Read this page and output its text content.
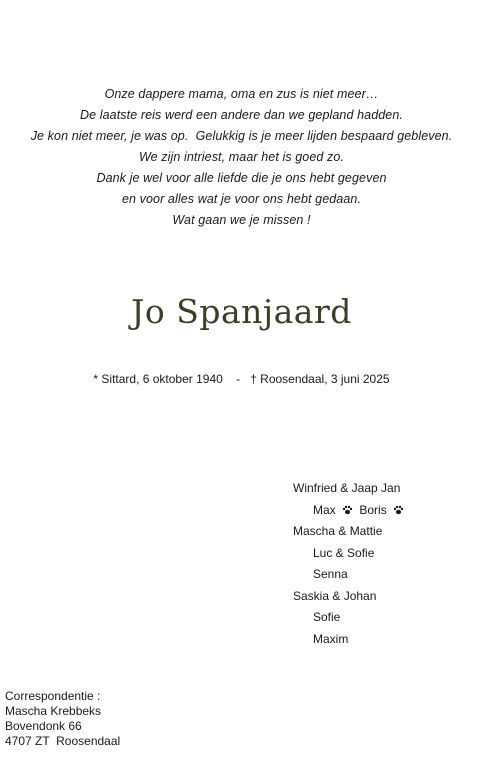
Onze dappere mama, oma en zus is niet meer…
De laatste reis werd een andere dan we gepland hadden.
Je kon niet meer, je was op.  Gelukkig is je meer lijden bespaard gebleven.
We zijn intriest, maar het is goed zo.
Dank je wel voor alle liefde die je ons hebt gegeven
en voor alles wat je voor ons hebt gedaan.
Wat gaan we je missen !
Jo Spanjaard
* Sittard, 6 oktober 1940    -   † Roosendaal, 3 juni 2025
Winfried & Jaap Jan
Max Boris
Mascha & Mattie
Luc & Sofie
Senna
Saskia & Johan
Sofie
Maxim
Correspondentie :
Mascha Krebbeks
Bovendonk 66
4707 ZT  Roosendaal
